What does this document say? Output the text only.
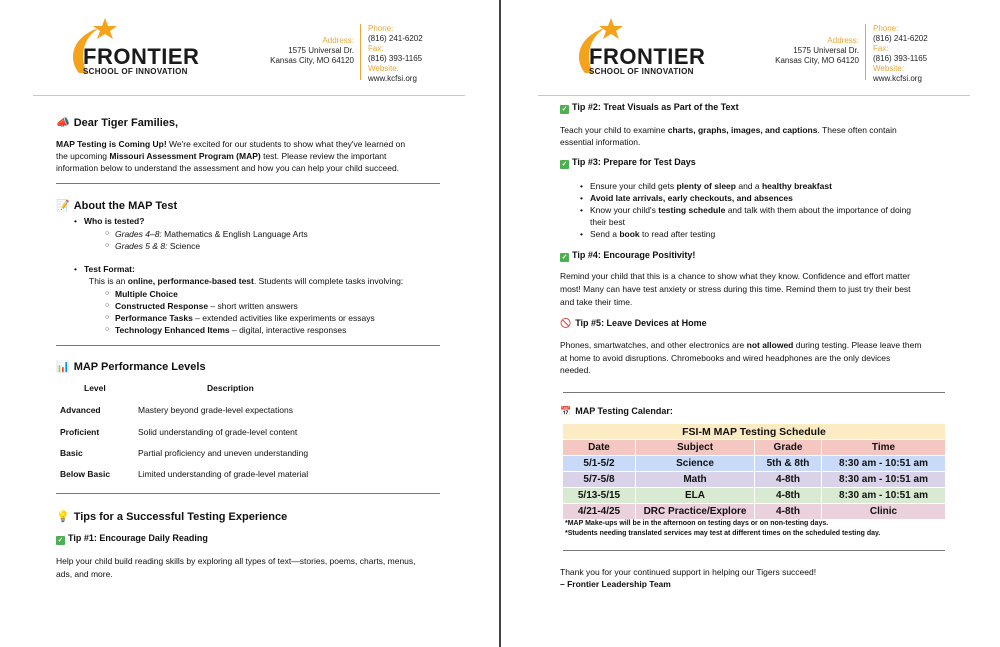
FRONTIER
SCHOOL OF INNOVATION
Address:
1575 Universal Dr.
Kansas City, MO 64120
Phone:
(816) 241-6202
Fax:
(816) 393-1165
Website:
www.kcfsi.org
📣 Dear Tiger Families,
MAP Testing is Coming Up! We're excited for our students to show what they've learned on
the upcoming Missouri Assessment Program (MAP) test. Please review the important
information below to understand the assessment and how you can help your child succeed.
📝 About the MAP Test
• Who is tested?
○ Grades 4–8: Mathematics & English Language Arts
○ Grades 5 & 8: Science
• Test Format:
This is an online, performance-based test. Students will complete tasks involving:
○ Multiple Choice
○ Constructed Response – short written answers
○ Performance Tasks – extended activities like experiments or essays
○ Technology Enhanced Items – digital, interactive responses
📊 MAP Performance Levels
Level	Description
Advanced	Mastery beyond grade-level expectations
Proficient	Solid understanding of grade-level content
Basic	Partial proficiency and uneven understanding
Below Basic	Limited understanding of grade-level material
💡 Tips for a Successful Testing Experience
✓ Tip #1: Encourage Daily Reading
Help your child build reading skills by exploring all types of text—stories, poems, charts, menus,
ads, and more.
FRONTIER
SCHOOL OF INNOVATION
Address:
1575 Universal Dr.
Kansas City, MO 64120
Phone:
(816) 241-6202
Fax:
(816) 393-1165
Website:
www.kcfsi.org
✓ Tip #2: Treat Visuals as Part of the Text
Teach your child to examine charts, graphs, images, and captions. These often contain
essential information.
✓ Tip #3: Prepare for Test Days
• Ensure your child gets plenty of sleep and a healthy breakfast
• Avoid late arrivals, early checkouts, and absences
• Know your child's testing schedule and talk with them about the importance of doing
their best
• Send a book to read after testing
✓ Tip #4: Encourage Positivity!
Remind your child that this is a chance to show what they know. Confidence and effort matter
most! Many can have test anxiety or stress during this time. Remind them to just try their best
and take their time.
🚫 Tip #5: Leave Devices at Home
Phones, smartwatches, and other electronics are not allowed during testing. Please leave them
at home to avoid disruptions. Chromebooks and wired headphones are the only devices
needed.
📅 MAP Testing Calendar:
FSI-M MAP Testing Schedule			
Date	Subject	Grade	Time
5/1-5/2	Science	5th & 8th	8:30 am - 10:51 am
5/7-5/8	Math	4-8th	8:30 am - 10:51 am
5/13-5/15	ELA	4-8th	8:30 am - 10:51 am
4/21-4/25	DRC Practice/Explore	4-8th	Clinic
*MAP Make-ups will be in the afternoon on testing days or on non-testing days.
*Students needing translated services may test at different times on the scheduled testing day.
Thank you for your continued support in helping our Tigers succeed!
– Frontier Leadership Team
